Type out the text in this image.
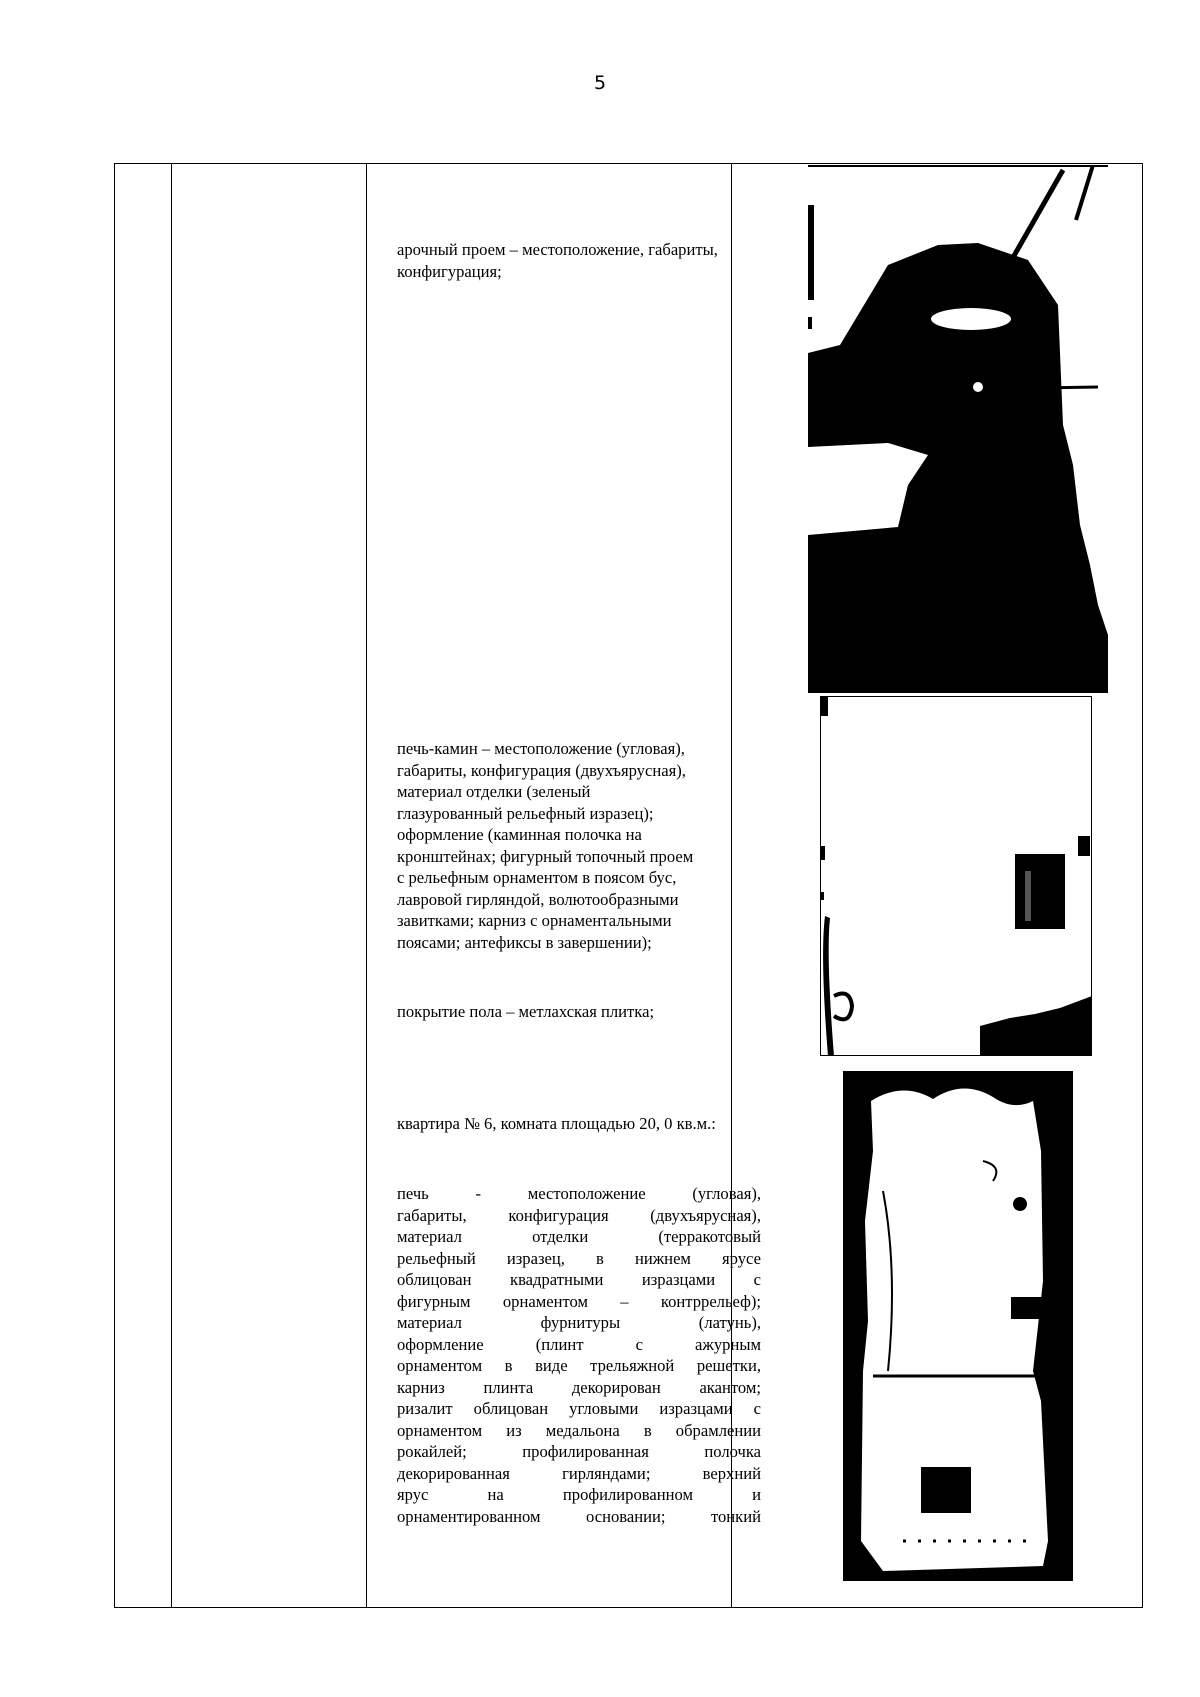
5

арочный проем – местоположение, габариты, конфигурация;

печь-камин – местоположение (угловая),

габариты, конфигурация (двухъярусная),

материал отделки (зеленый

глазурованный рельефный изразец);

оформление (каминная полочка на

кронштейнах; фигурный топочный проем

с рельефным орнаментом в поясом бус,

лавровой гирляндой, волютообразными

завитками; карниз с орнаментальными

поясами; антефиксы в завершении);

покрытие пола – метлахская плитка;

квартира № 6, комната площадью 20, 0 кв.м.:

печь - местоположение (угловая),

габариты, конфигурация (двухъярусная),

материал отделки (терракотовый

рельефный изразец, в нижнем ярусе

облицован квадратными изразцами с

фигурным орнаментом – контррельеф);

материал фурнитуры (латунь),

оформление (плинт с ажурным

орнаментом в виде трельяжной решетки,

карниз плинта декорирован акантом;

ризалит облицован угловыми изразцами с

орнаментом из медальона в обрамлении

рокайлей; профилированная полочка

декорированная гирляндами; верхний

ярус на профилированном и

орнаментированном основании; тонкий
